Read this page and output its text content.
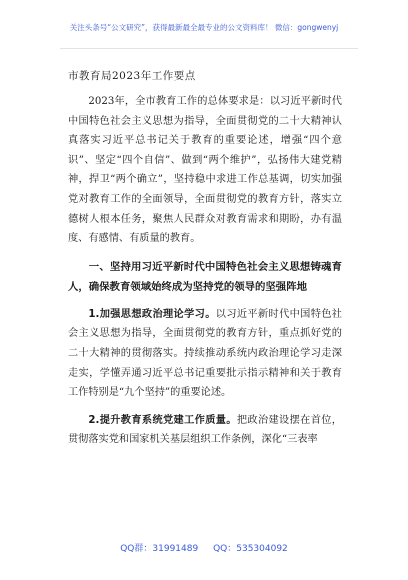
关注头条号“公文研究”，获得最新最全最专业的公文资料库！ 微信：gongwenyj
市教育局2023年工作要点

2023年，全市教育工作的总体要求是：以习近平新时代中国特色社会主义思想为指导，全面贯彻党的二十大精神认真落实习近平总书记关于教育的重要论述，增强“四个意识”、坚定“四个自信”、做到“两个维护”，弘扬伟大建党精神，捍卫“两个确立”，坚持稳中求进工作总基调，切实加强党对教育工作的全面领导，全面贯彻党的教育方针，落实立德树人根本任务，聚焦人民群众对教育需求和期盼，办有温度、有感情、有质量的教育。

一、坚持用习近平新时代中国特色社会主义思想铸魂育人，确保教育领域始终成为坚持党的领导的坚强阵地

1.加强思想政治理论学习。以习近平新时代中国特色社会主义思想为指导，全面贯彻党的教育方针，重点抓好党的二十大精神的贯彻落实。持续推动系统内政治理论学习走深走实，学懂弄通习近平总书记重要批示指示精神和关于教育工作特别是“九个坚持”的重要论述。

2.提升教育系统党建工作质量。把政治建设摆在首位，贯彻落实党和国家机关基层组织工作条例，深化“三表率

QQ群：31991489 QQ：535304092
